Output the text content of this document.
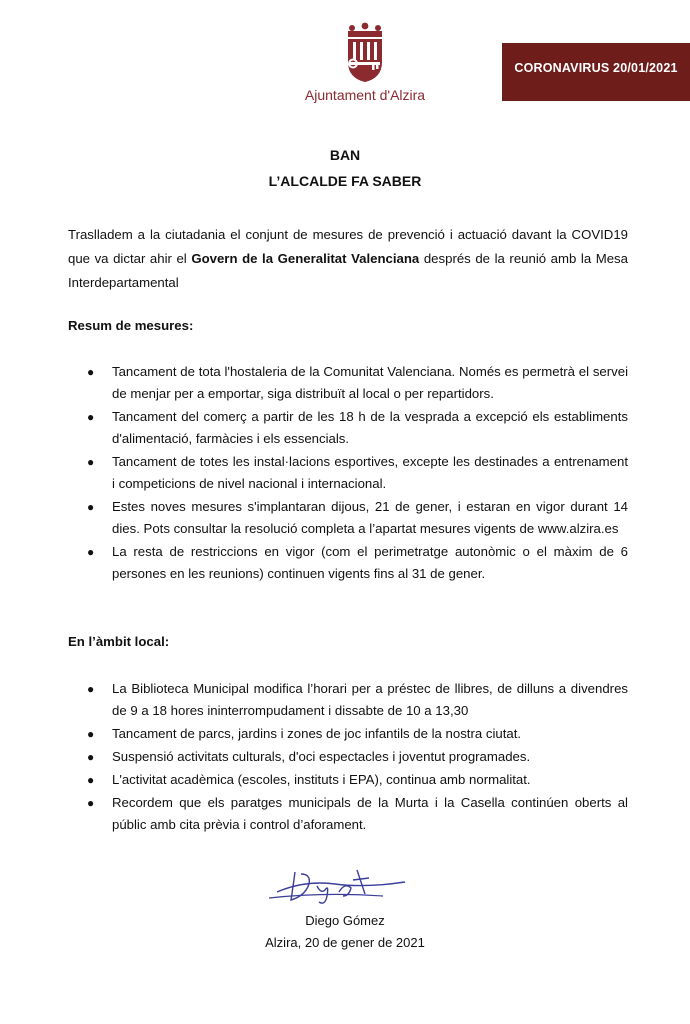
Ajuntament d'Alzira
CORONAVIRUS 20/01/2021
BAN
L’ALCALDE FA SABER
Traslladem a la ciutadania el conjunt de mesures de prevenció i actuació davant la COVID19 que va dictar ahir el Govern de la Generalitat Valenciana després de la reunió amb la Mesa Interdepartamental
Resum de mesures:
● Tancament de tota l'hostaleria de la Comunitat Valenciana. Només es permetrà el servei de menjar per a emportar, siga distribuït al local o per repartidors.
● Tancament del comerç a partir de les 18 h de la vesprada a excepció els establiments d'alimentació, farmàcies i els essencials.
● Tancament de totes les instal·lacions esportives, excepte les destinades a entrenament i competicions de nivel nacional i internacional.
● Estes noves mesures s'implantaran dijous, 21 de gener, i estaran en vigor durant 14 dies. Pots consultar la resolució completa a l’apartat mesures vigents de www.alzira.es
● La resta de restriccions en vigor (com el perimetratge autonòmic o el màxim de 6 persones en les reunions) continuen vigents fins al 31 de gener.
En l’àmbit local:
● La Biblioteca Municipal modifica l’horari per a préstec de llibres, de dilluns a divendres de 9 a 18 hores ininterrompudament i dissabte de 10 a 13,30
● Tancament de parcs, jardins i zones de joc infantils de la nostra ciutat.
● Suspensió activitats culturals, d'oci espectacles i joventut programades.
● L'activitat acadèmica (escoles, instituts i EPA), continua amb normalitat.
● Recordem que els paratges municipals de la Murta i la Casella continúen oberts al públic amb cita prèvia i control d’aforament.
Diego Gómez
Alzira, 20 de gener de 2021
